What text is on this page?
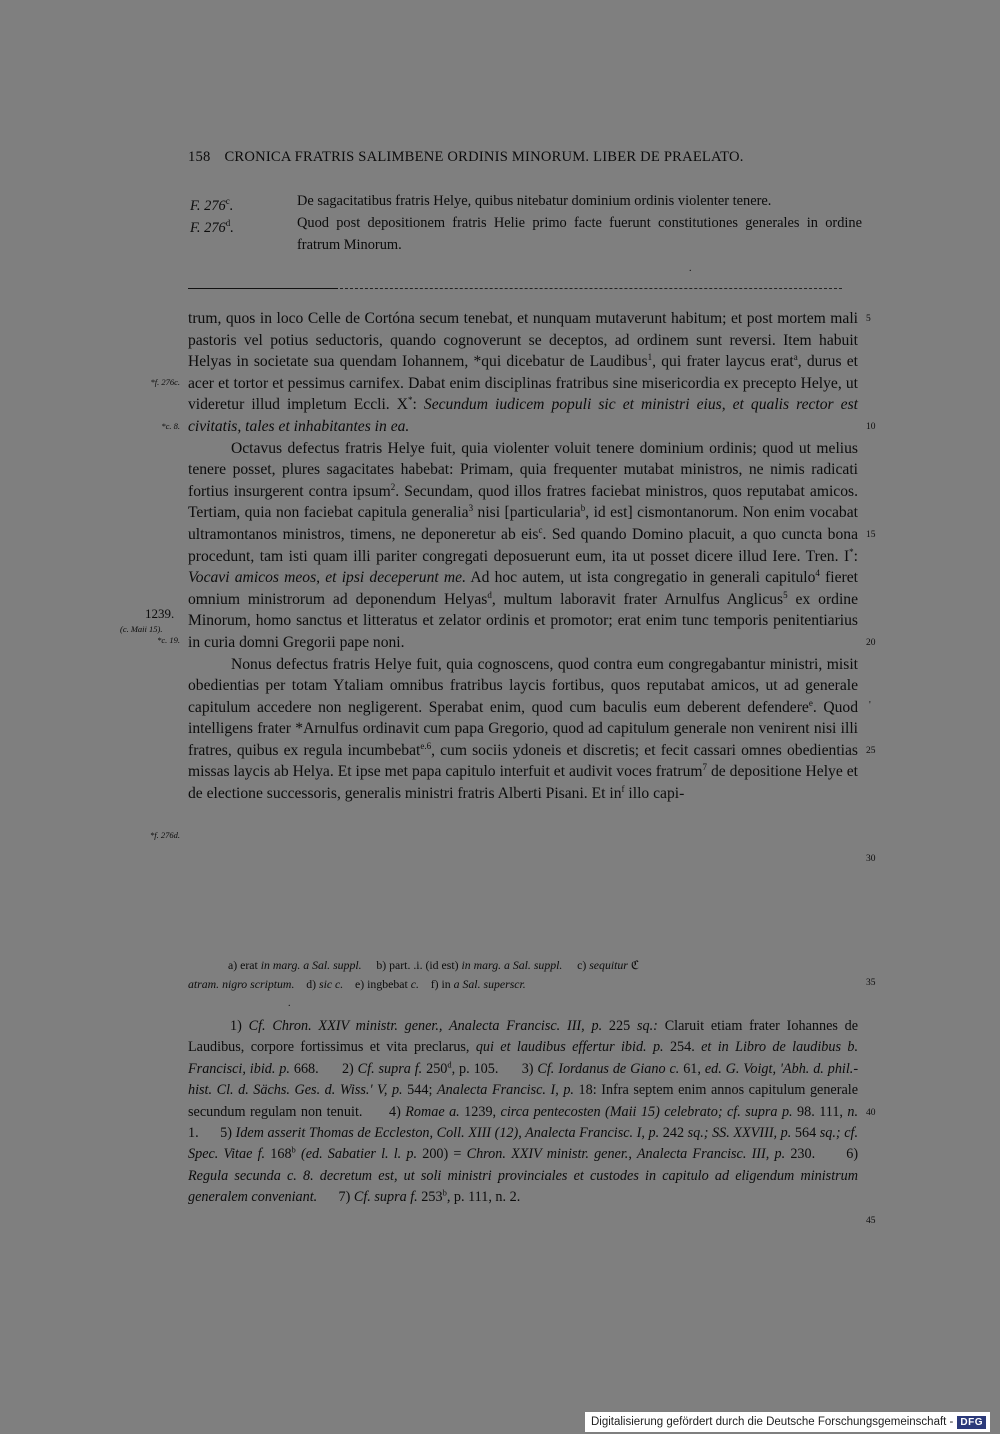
158 CRONICA FRATRIS SALIMBENE ORDINIS MINORUM. LIBER DE PRAELATO.
F. 276$^c$.	De sagacitatibus fratris Helye, quibus nitebatur dominium ordinis violenter tenere.
F. 276$^d$.	Quod post depositionem fratris Helie primo facte fuerunt constitutiones generales in ordine fratrum Minorum.

trum, quos in loco Celle de Cortóna secum tenebat, et nunquam mutaverunt habitum; et post mortem mali pastoris vel potius seductoris, quando cognoverunt se deceptos, ad ordinem sunt reversi. Item habuit Helyas in societate sua quendam Iohannem, *qui dicebatur de Laudibus$^1$, qui frater laycus erat$^a$, durus et acer et tortor et pessimus carnifex. Dabat enim disciplinas fratribus sine misericordia ex precepto Helye, ut videretur illud impletum Eccli. X*: Secundum iudicem populi sic et ministri eius, et qualis rector est civitatis, tales et inhabitantes in ea.

Octavus defectus fratris Helye fuit, quia violenter voluit tenere dominium ordinis; quod ut melius tenere posset, plures sagacitates habebat: Primam, quia frequenter mutabat ministros, ne nimis radicati fortius insurgerent contra ipsum$^2$. Secundam, quod illos fratres faciebat ministros, quos reputabat amicos. Tertiam, quia non faciebat capitula generalia$^3$ nisi [particularia$^b$, id est] cismontanorum. Non enim vocabat ultramontanos ministros, timens, ne deponeretur ab eis$^c$. Sed quando Domino placuit, a quo cuncta bona procedunt, tam isti quam illi pariter congregati deposuerunt eum, ita ut posset dicere illud Iere. Tren. I*: Vocavi amicos meos, et ipsi deceperunt me. Ad hoc autem, ut ista congregatio in generali capitulo$^4$ fieret omnium ministrorum ad deponendum Helyas$^d$, multum laboravit frater Arnulfus Anglicus$^5$ ex ordine Minorum, homo sanctus et litteratus et zelator ordinis et promotor; erat enim tunc temporis penitentiarius in curia domni Gregorii pape noni.

Nonus defectus fratris Helye fuit, quia cognoscens, quod contra eum congregabantur ministri, misit obedientias per totam Ytaliam omnibus fratribus laycis fortibus, quos reputabat amicos, ut ad generale capitulum accedere non negligerent. Sperabat enim, quod cum baculis eum deberent defendere$^e$. Quod intelligens frater *Arnulfus ordinavit cum papa Gregorio, quod ad capitulum generale non venirent nisi illi fratres, quibus ex regula incumbebat$^{e.6}$, cum sociis ydoneis et discretis; et fecit cassari omnes obedientias missas laycis ab Helya. Et ipse met papa capitulo interfuit et audivit voces fratrum$^7$ de depositione Helye et de electione successoris, generalis ministri fratris Alberti Pisani. Et $in^f$ illo capi-

*f. 276c.
*c. 8.
1239.
(c. Maii 15).
*c. 19.
*f. 276d.
5
10
15
20
25
30
35
40
45
.
'
.
a) erat in marg. a Sal. suppl. b) part. .i. (id est) in marg. a Sal. suppl. c) sequitur ℭ
atram. nigro scriptum. d) sic c. e) ingbebat c. f) in a Sal. superscr.

1) Cf. Chron. XXIV ministr. gener., Analecta Francisc. III, p. 225 sq.: Claruit etiam frater Iohannes de Laudibus, corpore fortissimus et vita preclarus, qui et laudibus effertur ibid. p. 254. et in Libro de laudibus b. Francisci, ibid. p. 668. 2) Cf. supra f. 250$^d$, p. 105. 3) Cf. Iordanus de Giano c. 61, ed. G. Voigt, 'Abh. d. phil.-hist. Cl. d. Sächs. Ges. d. Wiss.' V, p. 544; Analecta Francisc. I, p. 18: Infra septem enim annos capitulum generale secundum regulam non tenuit. 4) Romae a. 1239, circa pentecosten (Maii 15) celebrato; cf. supra p. 98. 111, n. 1. 5) Idem asserit Thomas de Eccleston, Coll. XIII (12), Analecta Francisc. I, p. 242 sq.; SS. XXVIII, p. 564 sq.; cf. Spec. Vitae f. 168$^b$ (ed. Sabatier l. l. p. 200) = Chron. XXIV ministr. gener., Analecta Francisc. III, p. 230. 6) Regula secunda c. 8. decretum est, ut soli ministri provinciales et custodes in capitulo ad eligendum ministrum generalem conveniant. 7) Cf. supra f. 253$^b$, p. 111, n. 2.

Digitalisierung gefördert durch die Deutsche Forschungsgemeinschaft - DFG
